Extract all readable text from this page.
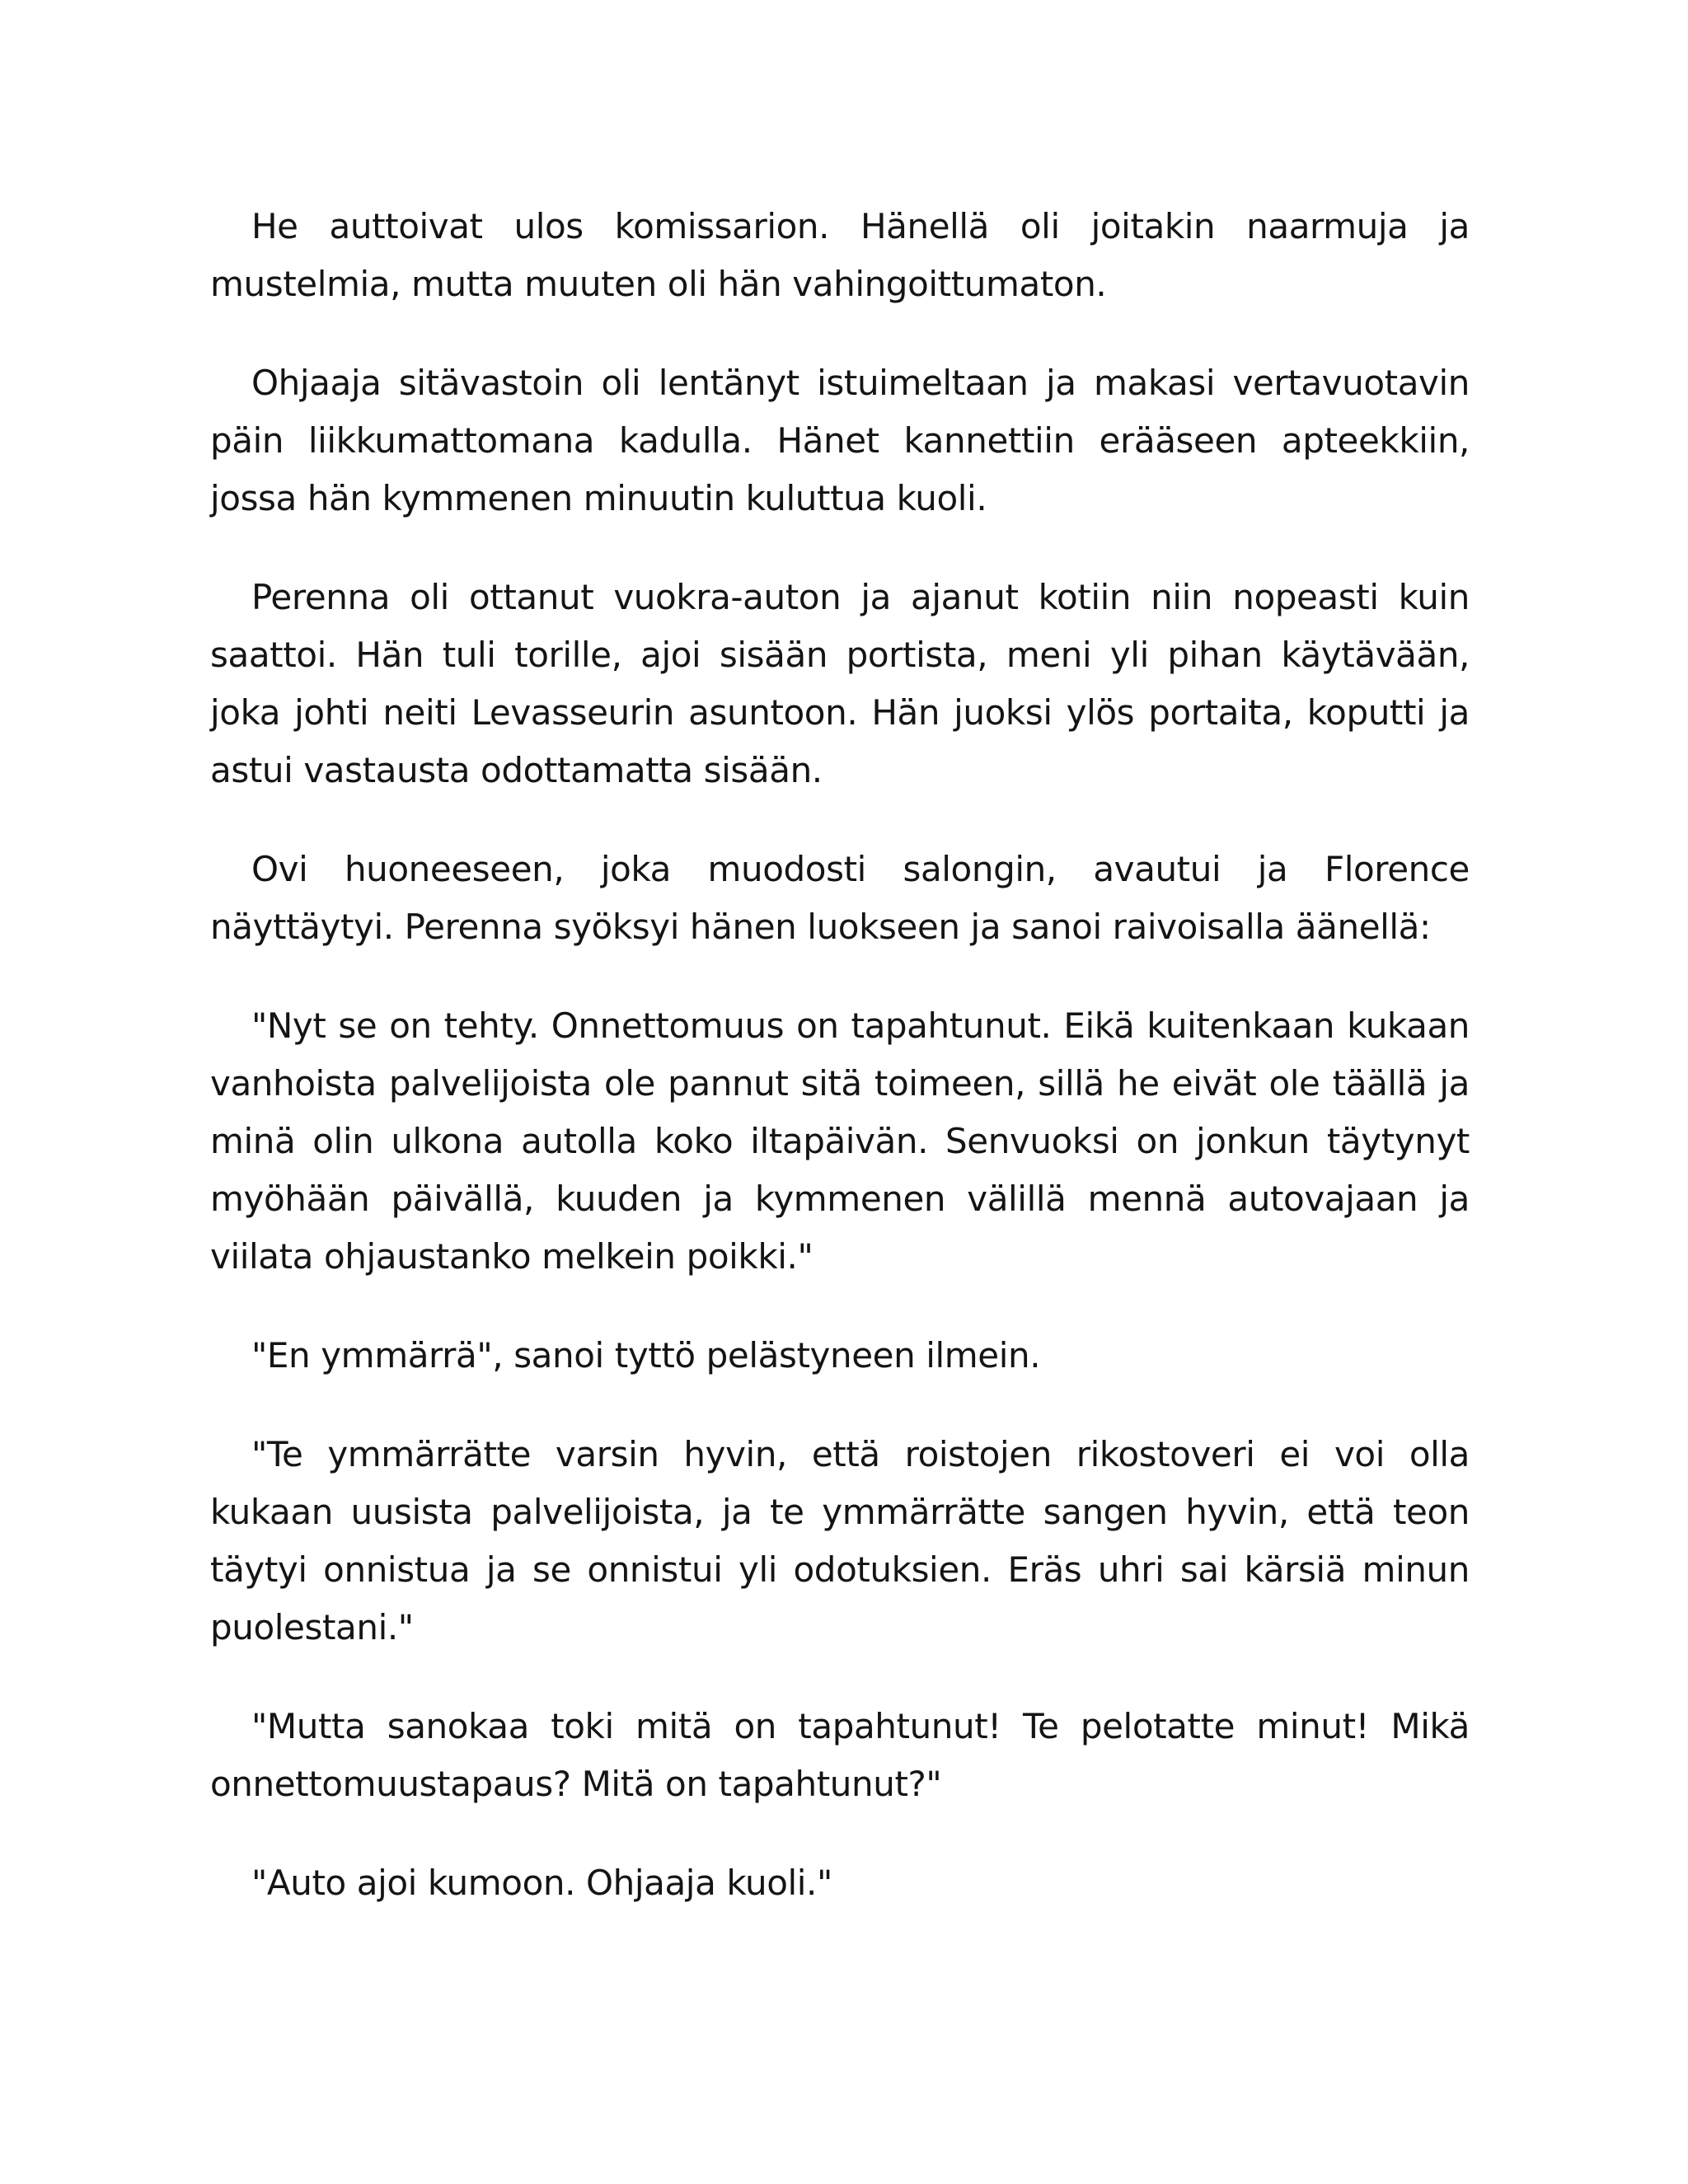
He auttoivat ulos komissarion. Hänellä oli joitakin naarmuja ja mustelmia, mutta muuten oli hän vahingoittumaton.

Ohjaaja sitävastoin oli lentänyt istuimeltaan ja makasi vertavuotavin päin liikkumattomana kadulla. Hänet kannettiin erääseen apteekkiin, jossa hän kymmenen minuutin kuluttua kuoli.

Perenna oli ottanut vuokra-auton ja ajanut kotiin niin nopeasti kuin saattoi. Hän tuli torille, ajoi sisään portista, meni yli pihan käytävään, joka johti neiti Levasseurin asuntoon. Hän juoksi ylös portaita, koputti ja astui vastausta odottamatta sisään.

Ovi huoneeseen, joka muodosti salongin, avautui ja Florence näyttäytyi. Perenna syöksyi hänen luokseen ja sanoi raivoisalla äänellä:

"Nyt se on tehty. Onnettomuus on tapahtunut. Eikä kuitenkaan kukaan vanhoista palvelijoista ole pannut sitä toimeen, sillä he eivät ole täällä ja minä olin ulkona autolla koko iltapäivän. Senvuoksi on jonkun täytynyt myöhään päivällä, kuuden ja kymmenen välillä mennä autovajaan ja viilata ohjaustanko melkein poikki."

"En ymmärrä", sanoi tyttö pelästyneen ilmein.

"Te ymmärrätte varsin hyvin, että roistojen rikostoveri ei voi olla kukaan uusista palvelijoista, ja te ymmärrätte sangen hyvin, että teon täytyi onnistua ja se onnistui yli odotuksien. Eräs uhri sai kärsiä minun puolestani."

"Mutta sanokaa toki mitä on tapahtunut! Te pelotatte minut! Mikä onnettomuustapaus? Mitä on tapahtunut?"

"Auto ajoi kumoon. Ohjaaja kuoli."
